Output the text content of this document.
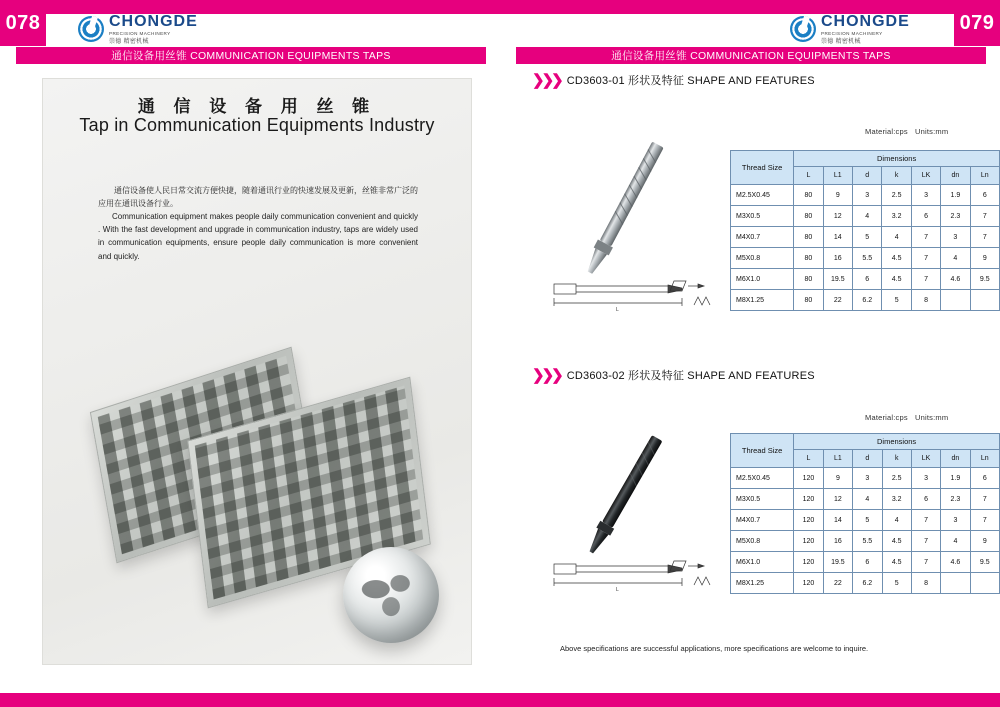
078	079
CHONGDE
PRECISION MACHINERY
崇德 精密机械
CHONGDE
PRECISION MACHINERY
崇德 精密机械
通信设备用丝锥 COMMUNICATION EQUIPMENTS TAPS	通信设备用丝锥 COMMUNICATION EQUIPMENTS TAPS
通 信 设 备 用 丝 锥
Tap in Communication Equipments Industry
通信设备使人民日常交流方便快捷，随着通讯行业的快速发展及更新，丝锥非常广泛的应用在通讯设备行业。
Communication equipment makes people daily communication convenient and quickly . With the fast development and upgrade in communication industry, taps are widely used in communication equipments, ensure people daily communication is more convenient and quickly.
❯❯❯ CD3603-01 形状及特征 SHAPE AND FEATURES
Material:cps Units:mm
L
Thread Size	Dimensions						
	L	L1	d	k	LK	dn	Ln
M2.5X0.45	80	9	3	2.5	3	1.9	6
M3X0.5	80	12	4	3.2	6	2.3	7
M4X0.7	80	14	5	4	7	3	7
M5X0.8	80	16	5.5	4.5	7	4	9
M6X1.0	80	19.5	6	4.5	7	4.6	9.5
M8X1.25	80	22	6.2	5	8		
❯❯❯ CD3603-02 形状及特征 SHAPE AND FEATURES
Material:cps Units:mm
L
Thread Size	Dimensions						
	L	L1	d	k	LK	dn	Ln
M2.5X0.45	120	9	3	2.5	3	1.9	6
M3X0.5	120	12	4	3.2	6	2.3	7
M4X0.7	120	14	5	4	7	3	7
M5X0.8	120	16	5.5	4.5	7	4	9
M6X1.0	120	19.5	6	4.5	7	4.6	9.5
M8X1.25	120	22	6.2	5	8		
Above specifications are successful applications, more specifications are welcome to inquire.
